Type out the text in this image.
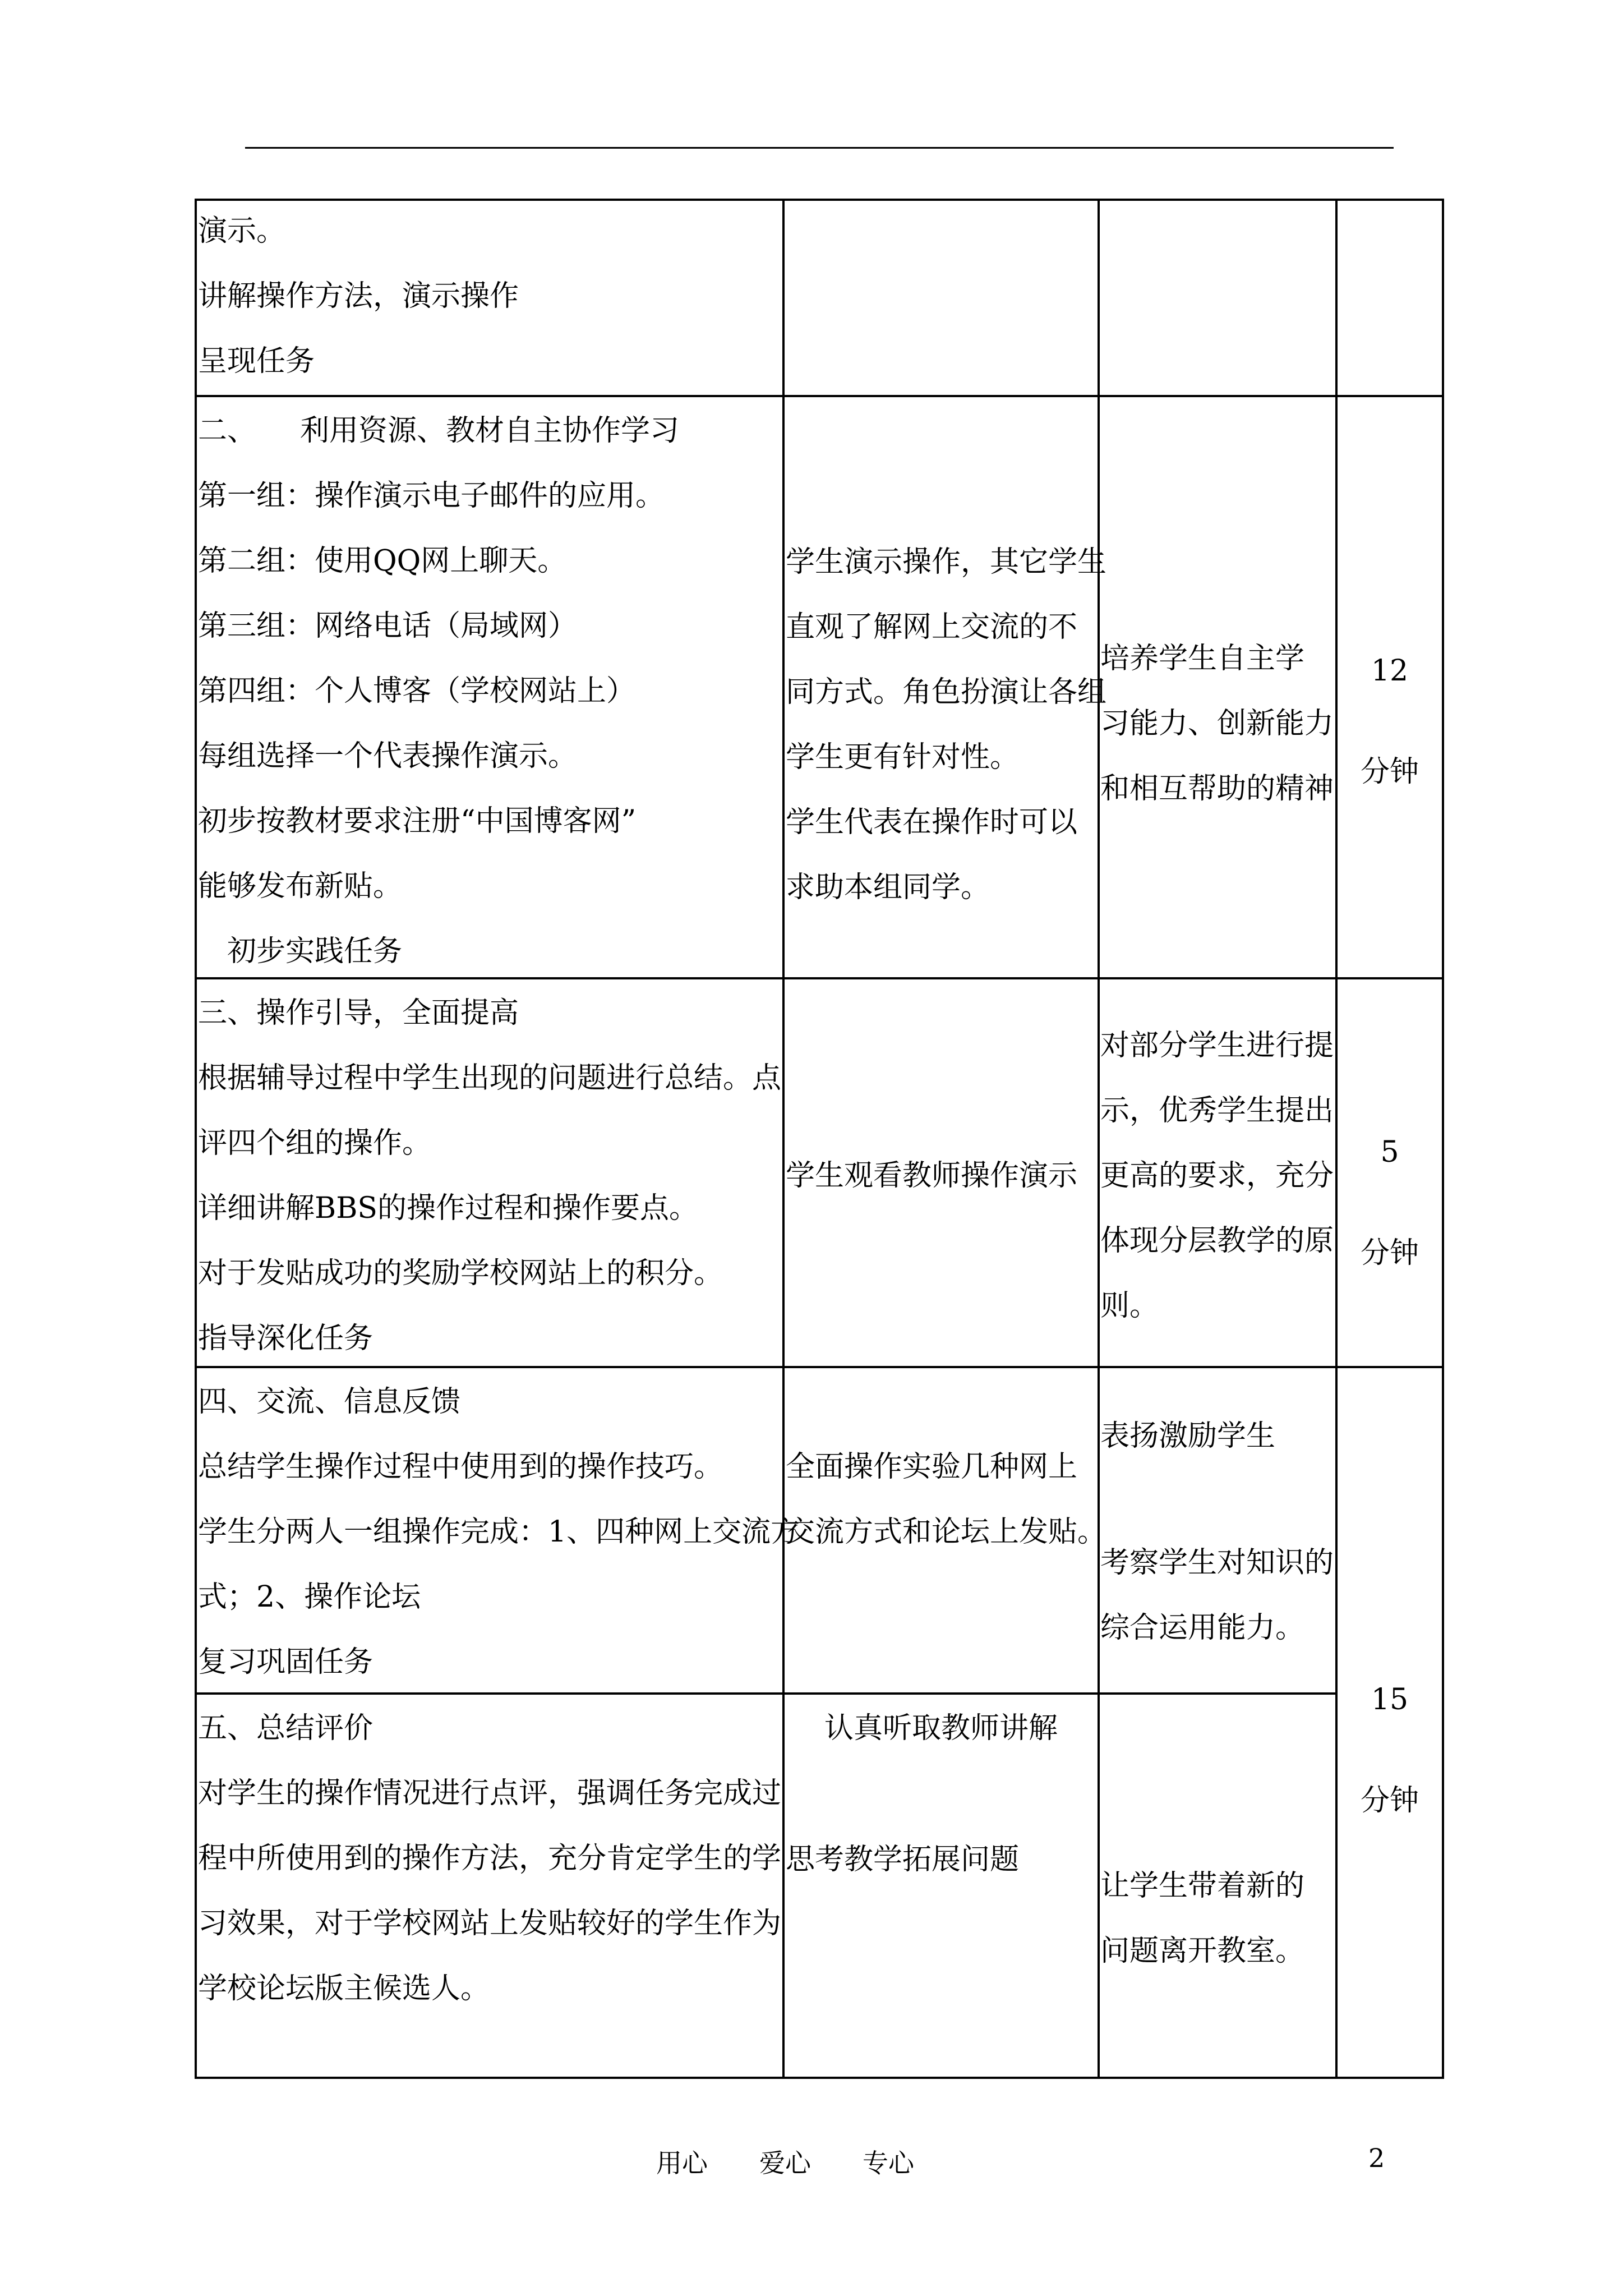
演示。
讲解操作方法，演示操作
呈现任务
二、　　利用资源、教材自主协作学习
第一组：操作演示电子邮件的应用。
第二组：使用QQ网上聊天。
第三组：网络电话（局域网）
第四组：个人博客（学校网站上）
每组选择一个代表操作演示。
初步按教材要求注册“中国博客网”
能够发布新贴。
　初步实践任务
学生演示操作，其它学生
直观了解网上交流的不
同方式。角色扮演让各组
学生更有针对性。
学生代表在操作时可以
求助本组同学。
培养学生自主学
习能力、创新能力
和相互帮助的精神
12
分钟
三、操作引导，全面提高
根据辅导过程中学生出现的问题进行总结。点
评四个组的操作。
详细讲解BBS的操作过程和操作要点。
对于发贴成功的奖励学校网站上的积分。
指导深化任务
学生观看教师操作演示
对部分学生进行提
示，优秀学生提出
更高的要求，充分
体现分层教学的原
则。
5
分钟
四、交流、信息反馈
总结学生操作过程中使用到的操作技巧。
学生分两人一组操作完成：1、四种网上交流方
式；2、操作论坛
复习巩固任务
全面操作实验几种网上
交流方式和论坛上发贴。
表扬激励学生
考察学生对知识的
综合运用能力。
五、总结评价
对学生的操作情况进行点评，强调任务完成过
程中所使用到的操作方法，充分肯定学生的学
习效果，对于学校网站上发贴较好的学生作为
学校论坛版主候选人。
认真听取教师讲解
思考教学拓展问题
让学生带着新的
问题离开教室。
15
分钟
用心　　爱心　　专心	2
